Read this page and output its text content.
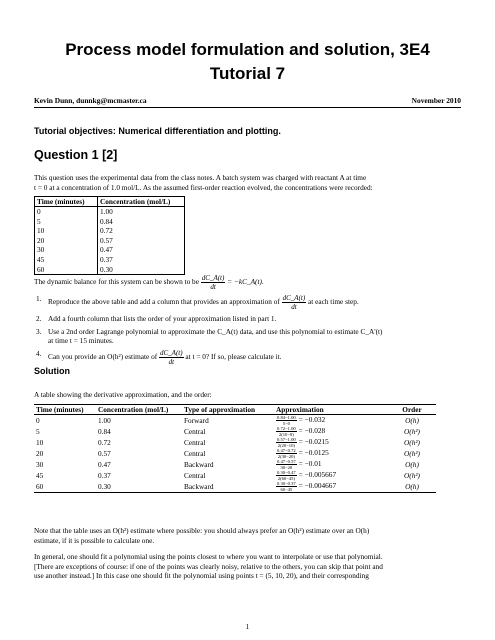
Process model formulation and solution, 3E4
Tutorial 7
Kevin Dunn, dunnkg@mcmaster.ca	November 2010
Tutorial objectives: Numerical differentiation and plotting.
Question 1 [2]
This question uses the experimental data from the class notes. A batch system was charged with reactant A at time
t = 0 at a concentration of 1.0 mol/L. As the assumed first-order reaction evolved, the concentrations were recorded:
Time (minutes)	Concentration (mol/L)
0	1.00
5	0.84
10	0.72
20	0.57
30	0.47
45	0.37
60	0.30
The dynamic balance for this system can be shown to be $\frac{dC\_A(t)}{dt}$ = −kC_A(t).
1. Reproduce the above table and add a column that provides an approximation of $\frac{dC\_A(t)}{dt}$ at each time step.
2. Add a fourth column that lists the order of your approximation listed in part 1.
3. Use a 2nd order Lagrange polynomial to approximate the C_A(t) data, and use this polynomial to estimate C_A'(t)
at time t = 15 minutes.
4. Can you provide an O(h²) estimate of $\frac{dC\_A(t)}{dt}$ at t = 0? If so, please calculate it.
Solution
A table showing the derivative approximation, and the order:
Time (minutes)	Concentration (mol/L)	Type of approximation	Approximation	Order
0	1.00	Forward	$\frac{0.84-1.00}{5-0} = -0.032$	O(h)
5	0.84	Central	$\frac{0.72-1.00}{2(10-0)} = -0.028$	O(h²)
10	0.72	Central	$\frac{0.57-1.00}{2(20-10)} = -0.0215$	O(h²)
20	0.57	Central	$\frac{0.47-0.72}{2(30-20)} = -0.0125$	O(h²)
30	0.47	Backward	$\frac{0.47-0.57}{30-20} = -0.01$	O(h)
45	0.37	Central	$\frac{0.30-0.47}{2(60-45)} = -0.005667$	O(h²)
60	0.30	Backward	$\frac{0.30-0.37}{60-45} = -0.004667$	O(h)
Note that the table uses an O(h²) estimate where possible: you should always prefer an O(h²) estimate over an O(h)
estimate, if it is possible to calculate one.
In general, one should fit a polynomial using the points closest to where you want to interpolate or use that polynomial.
[There are exceptions of course: if one of the points was clearly noisy, relative to the others, you can skip that point and
use another instead.] In this case one should fit the polynomial using points t = (5, 10, 20), and their corresponding
1
